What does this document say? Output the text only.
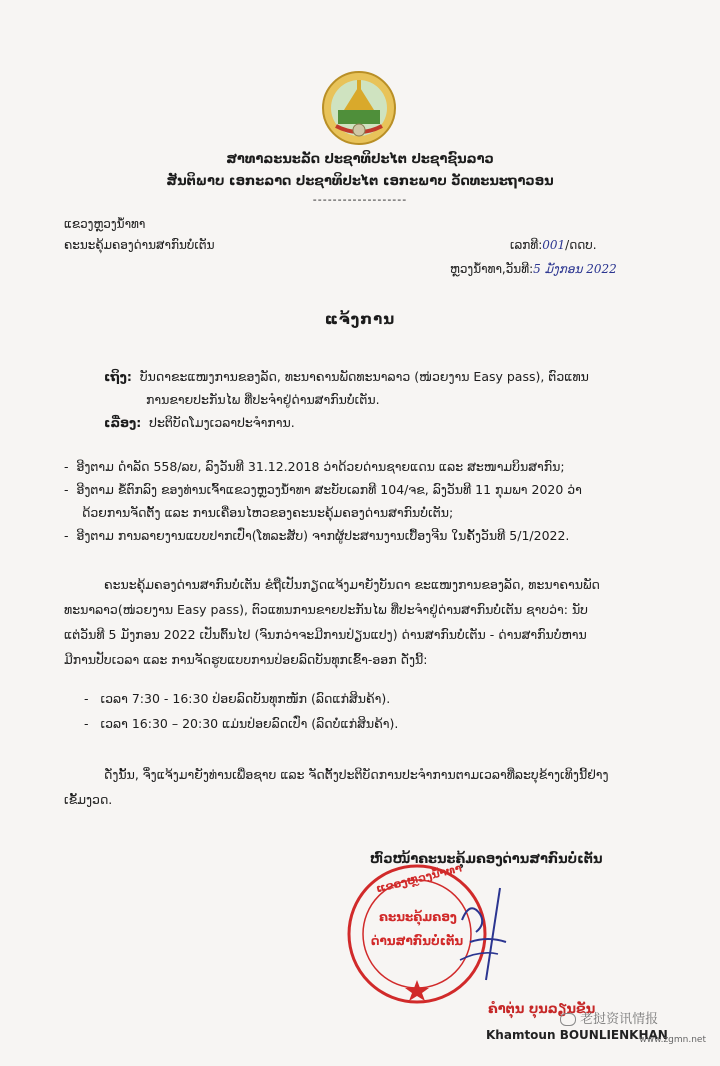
ສາທາລະນະລັດ ປະຊາທິປະໄຕ ປະຊາຊົນລາວ
ສັນຕິພາບ ເອກະລາດ ປະຊາທິປະໄຕ ເອກະພາບ ວັດທະນະຖາວອນ
-------------------
ແຂວງຫຼວງນ້ຳທາ
ຄະນະຄຸ້ມຄອງດ່ານສາກົນບໍ່ເຕັນ	ເລກທີ:001/ດດບ.
ຫຼວງນ້ຳທາ,ວັນທີ:5 ມັງກອນ 2022
ແຈ້ງການ
ເຖິງ: ບັນດາຂະແໜງການຂອງລັດ, ທະນາຄານພັດທະນາລາວ (ໜ່ວຍງານ Easy pass), ຕົວແທນ
ການຂາຍປະກັນໄພ ທີ່ປະຈຳຢູ່ດ່ານສາກົນບໍ່ເຕັນ.
ເລື່ອງ: ປະຕິບັດໂມງເວລາປະຈຳການ.
-  ອີງຕາມ ດຳລັດ 558/ລບ, ລົງວັນທີ 31.12.2018 ວ່າດ້ວຍດ່ານຊາຍແດນ ແລະ ສະໜາມບິນສາກົນ;
-  ອີງຕາມ ຂໍ້ຕົກລົງ ຂອງທ່ານເຈົ້າແຂວງຫຼວງນ້ຳທາ ສະບັບເລກທີ 104/ຈຂ, ລົງວັນທີ 11 ກຸມພາ 2020 ວ່າ
ດ້ວຍການຈັດຕັ້ງ ແລະ ການເຄື່ອນໄຫວຂອງຄະນະຄຸ້ມຄອງດ່ານສາກົນບໍ່ເຕັນ;
-  ອີງຕາມ ການລາຍງານແບບປາກເປົ່າ(ໂທລະສັບ) ຈາກຜູ້ປະສານງານເບື້ອງຈີນ ໃນຄັ້ງວັນທີ 5/1/2022.
ຄະນະຄຸ້ມຄອງດ່ານສາກົນບໍ່ເຕັນ ຂໍຖືເປັນກຽດແຈ້ງມາຍັງບັນດາ ຂະແໜງການຂອງລັດ, ທະນາຄານພັດ
ທະນາລາວ(ໜ່ວຍງານ Easy pass), ຕົວແທນການຂາຍປະກັນໄພ ທີ່ປະຈຳຢູ່ດ່ານສາກົນບໍ່ເຕັນ ຊາບວ່າ: ນັບ
ແຕ່ວັນທີ 5 ມັງກອນ 2022 ເປັນຕົ້ນໄປ (ຈົນກວ່າຈະມີການປ່ຽນແປງ) ດ່ານສາກົນບໍ່ເຕັນ - ດ່ານສາກົນບໍ່ຫານ
ມີການປັບເວລາ ແລະ ການຈັດຮູບແບບການປ່ອຍລົດບັນທຸກເຂົ້າ-ອອກ ດັ່ງນີ້:
-   ເວລາ 7:30 - 16:30 ປ່ອຍລົດບັນທຸກໜັກ (ລົດແກ່ສິນຄ້າ).
-   ເວລາ 16:30 – 20:30 ແມ່ນປ່ອຍລົດເປົ່າ (ລົດບໍ່ແກ່ສິນຄ້າ).
ດັ່ງນັ້ນ, ຈຶ່ງແຈ້ງມາຍັງທ່ານເພື່ອຊາບ ແລະ ຈັດຕັ້ງປະຕິບັດການປະຈຳການຕາມເວລາທີ່ລະບຸຂ້າງເທິງນີ້ຢ່າງ
ເຂັ້ມງວດ.
ຫົວໜ້າຄະນະຄຸ້ມຄອງດ່ານສາກົນບໍ່ເຕັນ
ແຂວງຫຼວງນ້ຳທາ
ຄະນະຄຸ້ມຄອງ
ດ່ານສາກົນບໍ່ເຕັນ
ຄຳຕຸ່ນ ບຸນລຽນຂັນ
Khamtoun BOUNLIENKHAN
老挝资讯情报
www.zgmn.net
